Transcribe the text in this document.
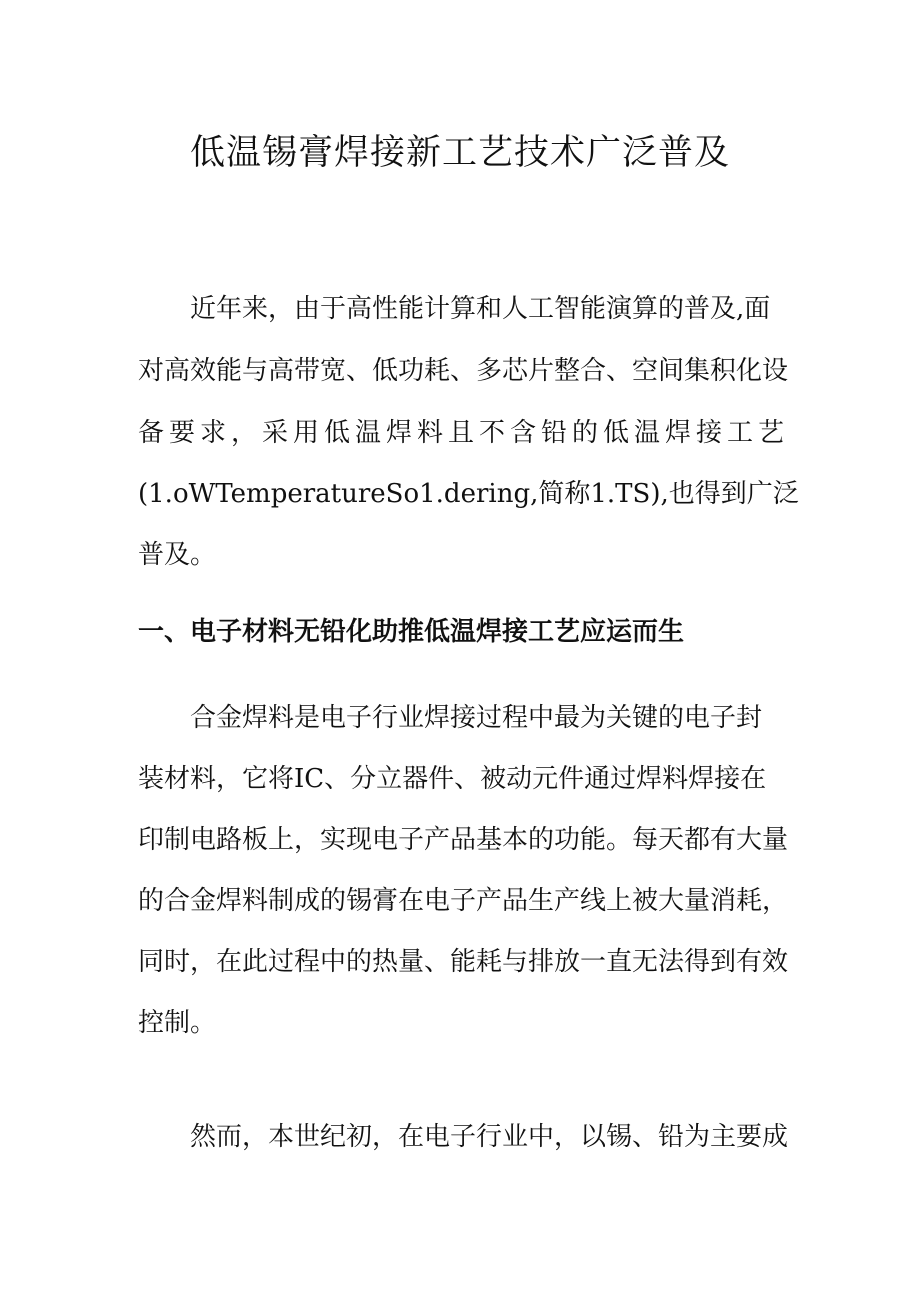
低温锡膏焊接新工艺技术广泛普及
近年来，由于高性能计算和人工智能演算的普及,面
对高效能与高带宽、低功耗、多芯片整合、空间集积化设
备要求，采用低温焊料且不含铅的低温焊接工艺
(1.oWTemperatureSo1.dering,简称1.TS),也得到广泛
普及。
一、电子材料无铅化助推低温焊接工艺应运而生
合金焊料是电子行业焊接过程中最为关键的电子封
装材料，它将IC、分立器件、被动元件通过焊料焊接在
印制电路板上，实现电子产品基本的功能。每天都有大量
的合金焊料制成的锡膏在电子产品生产线上被大量消耗，
同时，在此过程中的热量、能耗与排放一直无法得到有效
控制。
然而，本世纪初，在电子行业中，以锡、铅为主要成
